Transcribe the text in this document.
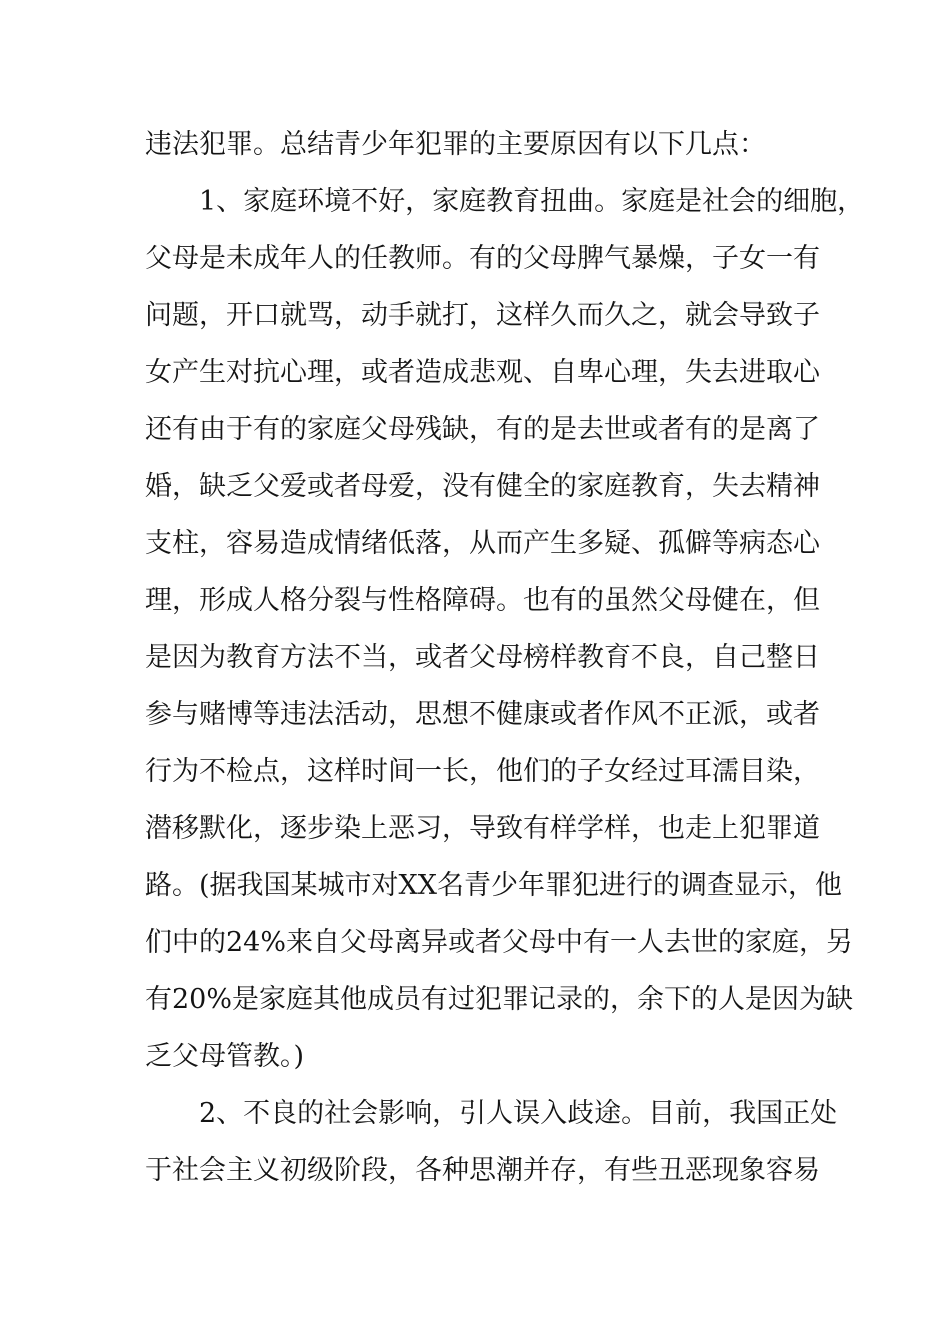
违法犯罪。总结青少年犯罪的主要原因有以下几点：
1、家庭环境不好，家庭教育扭曲。家庭是社会的细胞，
父母是未成年人的任教师。有的父母脾气暴燥，子女一有
问题，开口就骂，动手就打，这样久而久之，就会导致子
女产生对抗心理，或者造成悲观、自卑心理，失去进取心
还有由于有的家庭父母残缺，有的是去世或者有的是离了
婚，缺乏父爱或者母爱，没有健全的家庭教育，失去精神
支柱，容易造成情绪低落，从而产生多疑、孤僻等病态心
理，形成人格分裂与性格障碍。也有的虽然父母健在，但
是因为教育方法不当，或者父母榜样教育不良，自己整日
参与赌博等违法活动，思想不健康或者作风不正派，或者
行为不检点，这样时间一长，他们的子女经过耳濡目染，
潜移默化，逐步染上恶习，导致有样学样，也走上犯罪道
路。(据我国某城市对XX名青少年罪犯进行的调查显示，他
们中的24%来自父母离异或者父母中有一人去世的家庭，另
有20%是家庭其他成员有过犯罪记录的，余下的人是因为缺
乏父母管教。)
2、不良的社会影响，引人误入歧途。目前，我国正处
于社会主义初级阶段，各种思潮并存，有些丑恶现象容易
